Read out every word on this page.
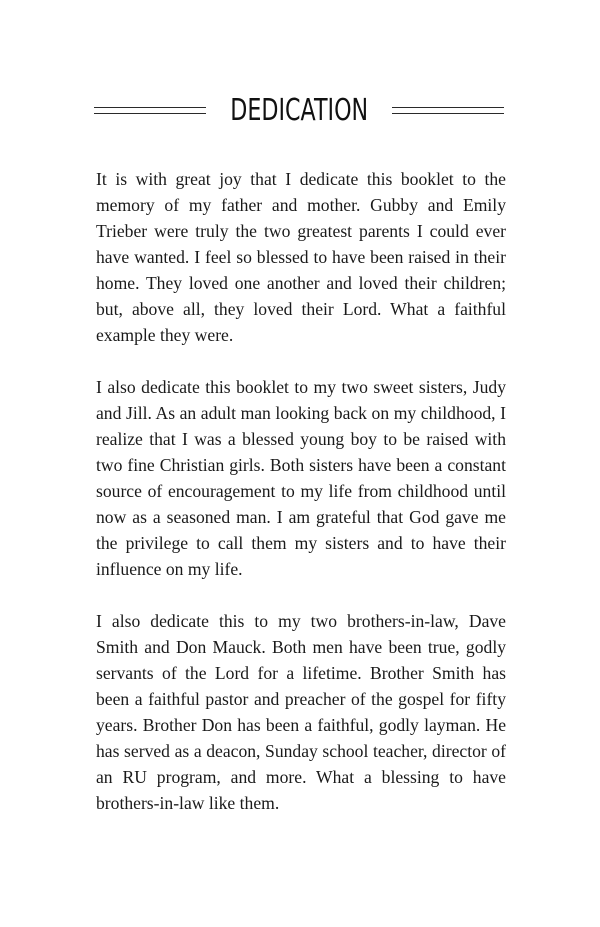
DEDICATION

It is with great joy that I dedicate this booklet to the memory of my father and mother. Gubby and Emily Trieber were truly the two greatest parents I could ever have wanted. I feel so blessed to have been raised in their home. They loved one another and loved their children; but, above all, they loved their Lord. What a faithful example they were.

I also dedicate this booklet to my two sweet sisters, Judy and Jill. As an adult man looking back on my childhood, I realize that I was a blessed young boy to be raised with two fine Christian girls. Both sisters have been a constant source of encouragement to my life from childhood until now as a seasoned man. I am grateful that God gave me the privilege to call them my sisters and to have their influence on my life.

I also dedicate this to my two brothers-in-law, Dave Smith and Don Mauck. Both men have been true, godly servants of the Lord for a lifetime. Brother Smith has been a faithful pastor and preacher of the gospel for fifty years. Brother Don has been a faithful, godly layman. He has served as a deacon, Sunday school teacher, director of an RU program, and more. What a blessing to have brothers-in-law like them.
